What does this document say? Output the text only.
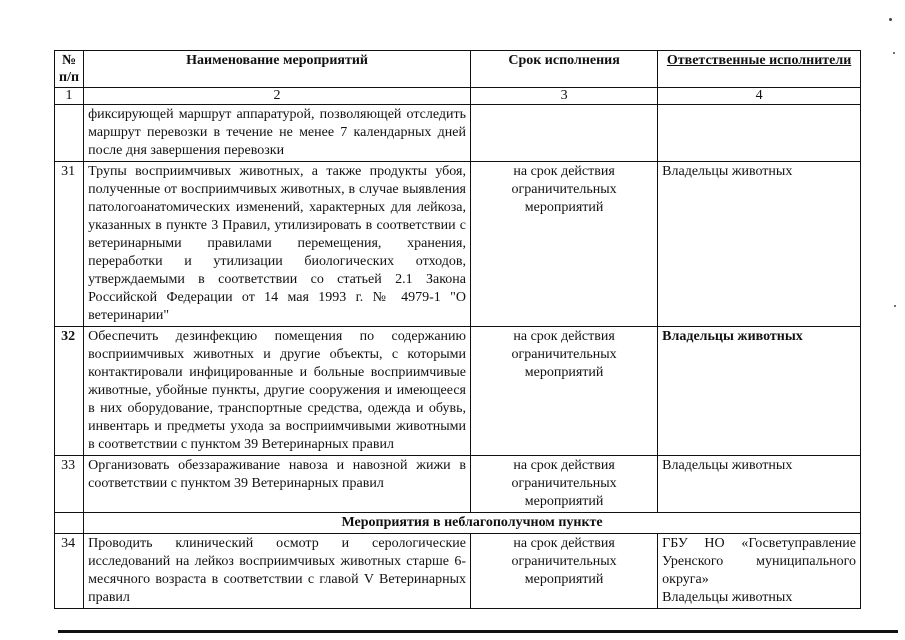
№ п/п	Наименование мероприятий	Срок исполнения	Ответственные исполнители
1	2	3	4
	фиксирующей маршрут аппаратурой, позволяющей отследить маршрут перевозки в течение не менее 7 календарных дней после дня завершения перевозки		
31	Трупы восприимчивых животных, а также продукты убоя, полученные от восприимчивых животных, в случае выявления патологоанатомических изменений, характерных для лейкоза, указанных в пункте 3 Правил, утилизировать в соответствии с ветеринарными правилами перемещения, хранения, переработки и утилизации биологических отходов, утверждаемыми в соответствии со статьей 2.1 Закона Российской Федерации от 14 мая 1993 г. № 4979-1 "О ветеринарии"	на срок действия ограничительных мероприятий	Владельцы животных
32	Обеспечить дезинфекцию помещения по содержанию восприимчивых животных и другие объекты, с которыми контактировали инфицированные и больные восприимчивые животные, убойные пункты, другие сооружения и имеющееся в них оборудование, транспортные средства, одежда и обувь, инвентарь и предметы ухода за восприимчивыми животными в соответствии с пунктом 39 Ветеринарных правил	на срок действия ограничительных мероприятий	Владельцы животных
33	Организовать обеззараживание навоза и навозной жижи в соответствии с пунктом 39 Ветеринарных правил	на срок действия ограничительных мероприятий	Владельцы животных
	Мероприятия в неблагополучном пункте		
34	Проводить клинический осмотр и серологические исследований на лейкоз восприимчивых животных старше 6-месячного возраста в соответствии с главой V Ветеринарных правил	на срок действия ограничительных мероприятий	ГБУ НО «Госветуправление Уренского муниципального округа»
Владельцы животных
